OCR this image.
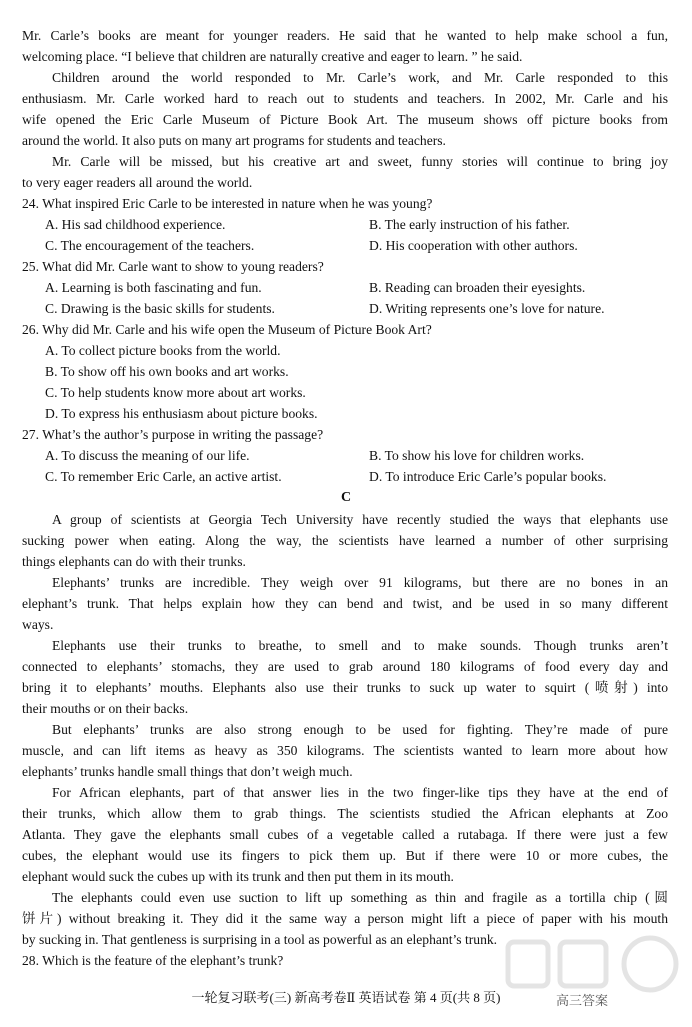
Mr. Carle’s books are meant for younger readers. He said that he wanted to help make school a fun,
welcoming place. “I believe that children are naturally creative and eager to learn. ” he said.
Children around the world responded to Mr. Carle’s work, and Mr. Carle responded to this
enthusiasm. Mr. Carle worked hard to reach out to students and teachers. In 2002, Mr. Carle and his
wife opened the Eric Carle Museum of Picture Book Art. The museum shows off picture books from
around the world. It also puts on many art programs for students and teachers.
Mr. Carle will be missed, but his creative art and sweet, funny stories will continue to bring joy
to very eager readers all around the world.
24. What inspired Eric Carle to be interested in nature when he was young?
A. His sad childhood experience.	B. The early instruction of his father.
C. The encouragement of the teachers.	D. His cooperation with other authors.
25. What did Mr. Carle want to show to young readers?
A. Learning is both fascinating and fun.	B. Reading can broaden their eyesights.
C. Drawing is the basic skills for students.	D. Writing represents one’s love for nature.
26. Why did Mr. Carle and his wife open the Museum of Picture Book Art?
A. To collect picture books from the world.
B. To show off his own books and art works.
C. To help students know more about art works.
D. To express his enthusiasm about picture books.
27. What’s the author’s purpose in writing the passage?
A. To discuss the meaning of our life.	B. To show his love for children works.
C. To remember Eric Carle, an active artist.	D. To introduce Eric Carle’s popular books.
C
A group of scientists at Georgia Tech University have recently studied the ways that elephants use
sucking power when eating. Along the way, the scientists have learned a number of other surprising
things elephants can do with their trunks.
Elephants’ trunks are incredible. They weigh over 91 kilograms, but there are no bones in an
elephant’s trunk. That helps explain how they can bend and twist, and be used in so many different
ways.
Elephants use their trunks to breathe, to smell and to make sounds. Though trunks aren’t
connected to elephants’ stomachs, they are used to grab around 180 kilograms of food every day and
bring it to elephants’ mouths. Elephants also use their trunks to suck up water to squirt (喷射) into
their mouths or on their backs.
But elephants’ trunks are also strong enough to be used for fighting. They’re made of pure
muscle, and can lift items as heavy as 350 kilograms. The scientists wanted to learn more about how
elephants’ trunks handle small things that don’t weigh much.
For African elephants, part of that answer lies in the two finger-like tips they have at the end of
their trunks, which allow them to grab things. The scientists studied the African elephants at Zoo
Atlanta. They gave the elephants small cubes of a vegetable called a rutabaga. If there were just a few
cubes, the elephant would use its fingers to pick them up. But if there were 10 or more cubes, the
elephant would suck the cubes up with its trunk and then put them in its mouth.
The elephants could even use suction to lift up something as thin and fragile as a tortilla chip (圆
饼片) without breaking it. They did it the same way a person might lift a piece of paper with his mouth
by sucking in. That gentleness is surprising in a tool as powerful as an elephant’s trunk.
28. Which is the feature of the elephant’s trunk?
高三答案
一轮复习联考(三) 新高考卷Ⅱ 英语试卷 第 4 页(共 8 页)
